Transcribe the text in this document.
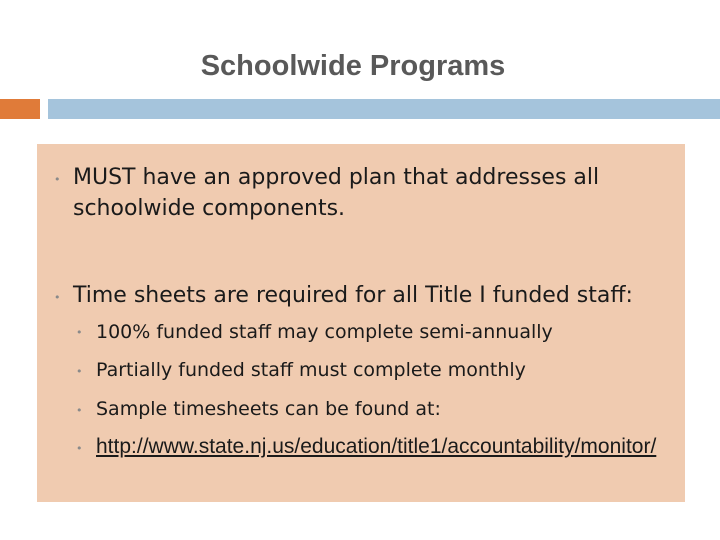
Schoolwide Programs
• MUST have an approved plan that addresses all schoolwide components.
• Time sheets are required for all Title I funded staff:
• 100% funded staff may complete semi-annually
• Partially funded staff must complete monthly
• Sample timesheets can be found at:
• http://www.state.nj.us/education/title1/accountability/monitor/
